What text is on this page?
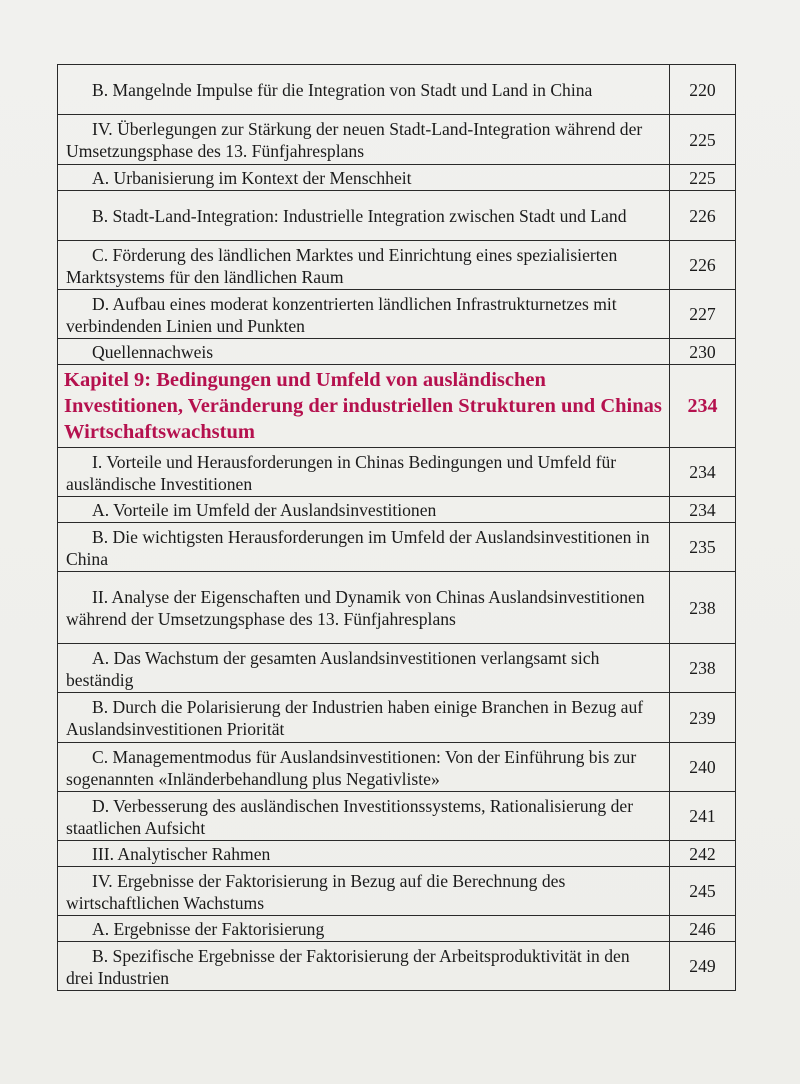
B. Mangelnde Impulse für die Integration von Stadt und Land in China	220
IV. Überlegungen zur Stärkung der neuen Stadt-Land-Integration während der Umsetzungsphase des 13. Fünfjahresplans	225
A. Urbanisierung im Kontext der Menschheit	225
B. Stadt-Land-Integration: Industrielle Integration zwischen Stadt und Land	226
C. Förderung des ländlichen Marktes und Einrichtung eines spezialisierten Marktsystems für den ländlichen Raum	226
D. Aufbau eines moderat konzentrierten ländlichen Infrastrukturnetzes mit verbindenden Linien und Punkten	227
Quellennachweis	230
Kapitel 9: Bedingungen und Umfeld von ausländischen Investitionen, Veränderung der industriellen Strukturen und Chinas Wirtschaftswachstum	234
I. Vorteile und Herausforderungen in Chinas Bedingungen und Umfeld für ausländische Investitionen	234
A. Vorteile im Umfeld der Auslandsinvestitionen	234
B. Die wichtigsten Herausforderungen im Umfeld der Auslandsinvestitionen in China	235
II. Analyse der Eigenschaften und Dynamik von Chinas Auslandsinvestitionen während der Umsetzungsphase des 13. Fünfjahresplans	238
A. Das Wachstum der gesamten Auslandsinvestitionen verlangsamt sich beständig	238
B. Durch die Polarisierung der Industrien haben einige Branchen in Bezug auf Auslandsinvestitionen Priorität	239
C. Managementmodus für Auslandsinvestitionen: Von der Einführung bis zur sogenannten «Inländerbehandlung plus Negativliste»	240
D. Verbesserung des ausländischen Investitionssystems, Rationalisierung der staatlichen Aufsicht	241
III. Analytischer Rahmen	242
IV. Ergebnisse der Faktorisierung in Bezug auf die Berechnung des wirtschaftlichen Wachstums	245
A. Ergebnisse der Faktorisierung	246
B. Spezifische Ergebnisse der Faktorisierung der Arbeitsproduktivität in den drei Industrien	249
